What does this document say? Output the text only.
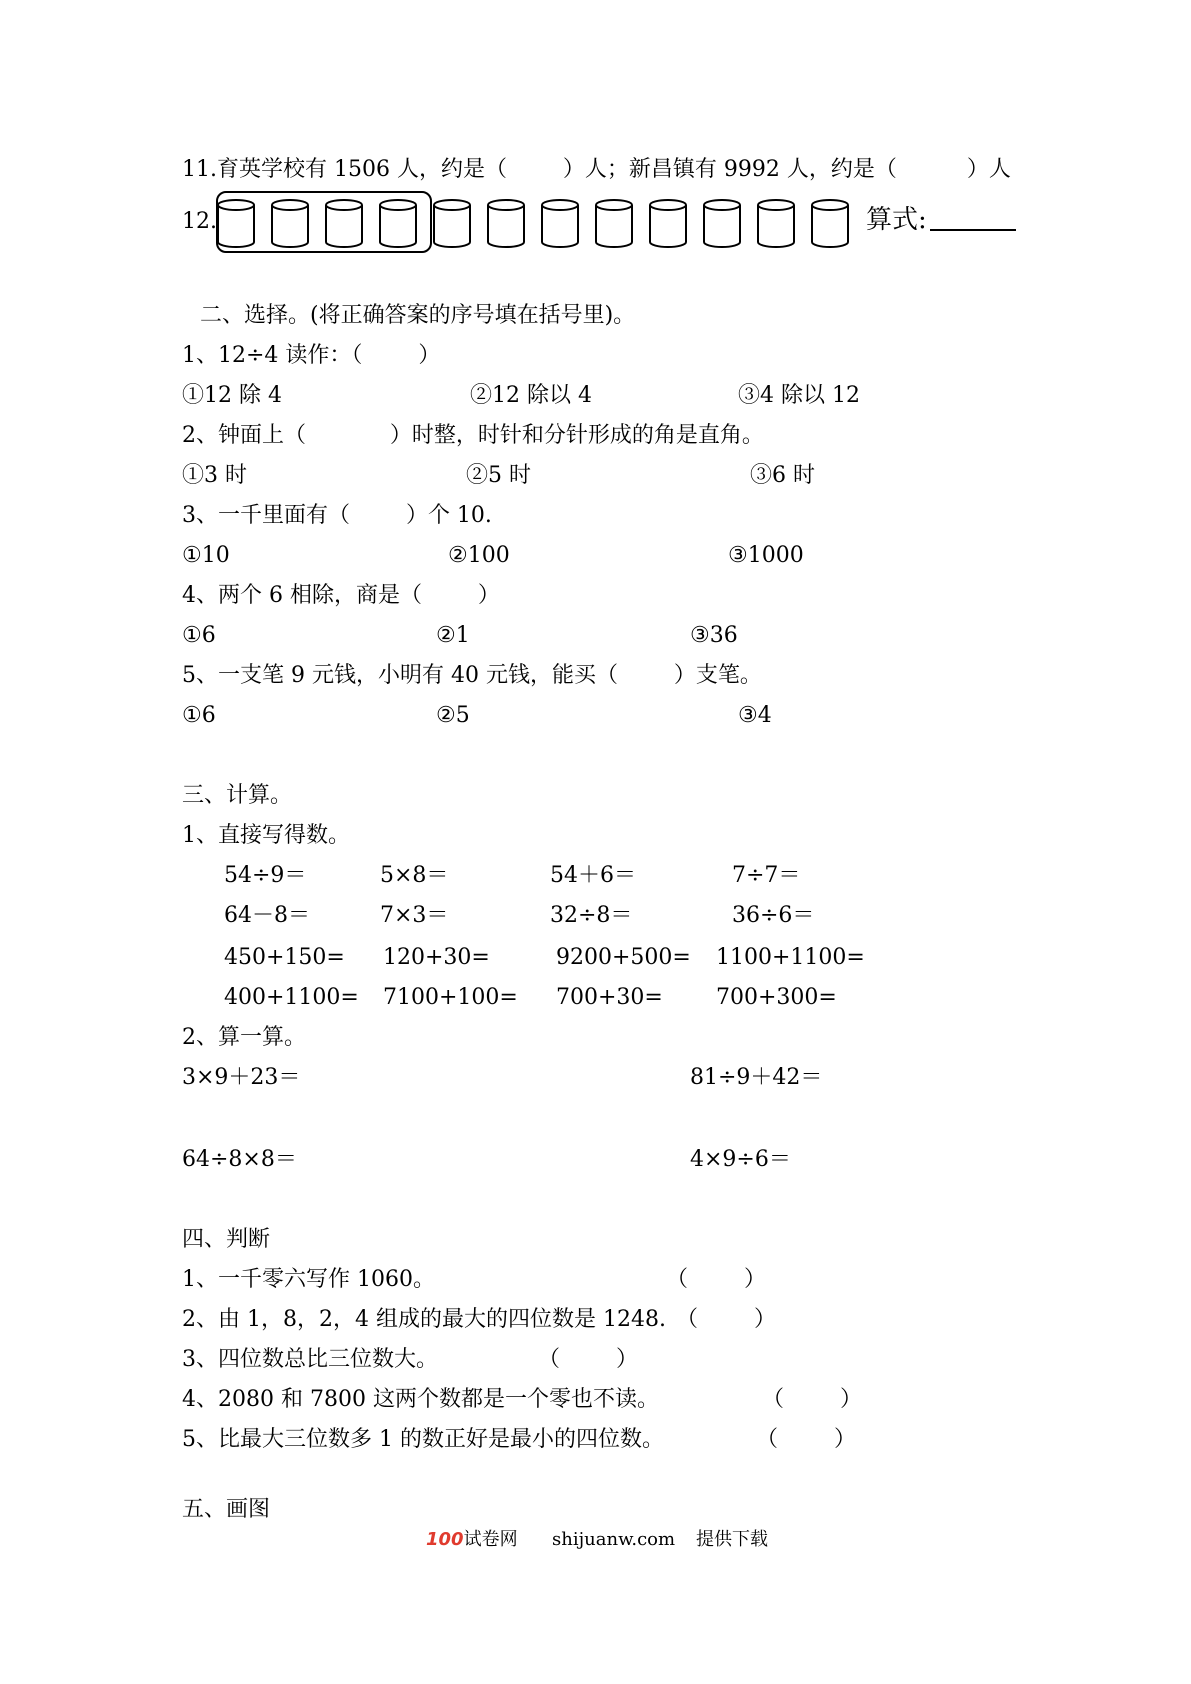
11.育英学校有 1506 人，约是（        ）人；新昌镇有 9992 人，约是（          ）人
12.	算式:
二、选择。(将正确答案的序号填在括号里)。
1、12÷4 读作：（        ）
①12 除 4	②12 除以 4	③4 除以 12
2、钟面上（            ）时整，时针和分针形成的角是直角。
①3 时	②5 时	③6 时
3、一千里面有（        ）个 10.
①10	②100	③1000
4、两个 6 相除，商是（        ）
①6	②1	③36
5、一支笔 9 元钱，小明有 40 元钱，能买（        ）支笔。
①6	②5	③4
三、计算。
1、直接写得数。
54÷9＝	5×8＝	54＋6＝	7÷7＝
64－8＝	7×3＝	32÷8＝	36÷6＝
450+150= 120+30=	9200+500= 1100+1100=
400+1100= 7100+100= 700+30= 700+300=
2、算一算。
3×9＋23＝	81÷9＋42＝
64÷8×8＝	4×9÷6＝
四、判断
1、一千零六写作 1060。	（        ）
2、由 1，8，2，4 组成的最大的四位数是 1248. （        ）
3、四位数总比三位数大。	（        ）
4、2080 和 7800 这两个数都是一个零也不读。	（        ）
5、比最大三位数多 1 的数正好是最小的四位数。	（        ）
五、画图
100试卷网 shijuanw.com 提供下载
